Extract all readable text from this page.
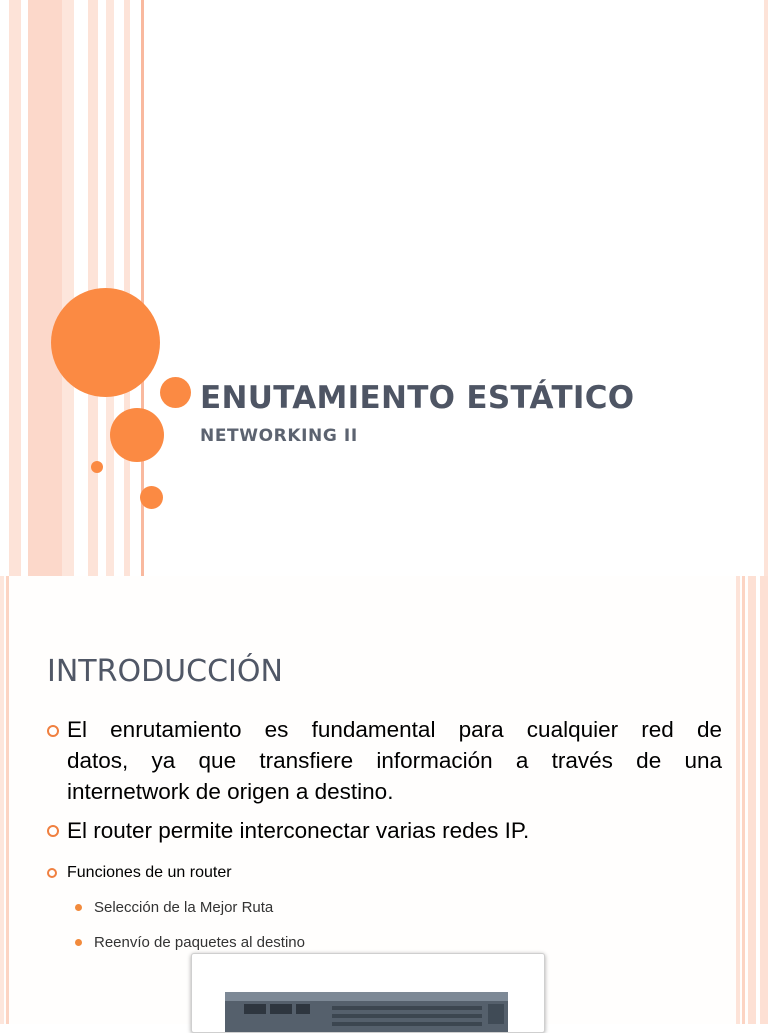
ENUTAMIENTO ESTÁTICO
NETWORKING II
INTRODUCCIÓN
El enrutamiento es fundamental para cualquier red de
datos, ya que transfiere información a través de una
internetwork de origen a destino.
El router permite interconectar varias redes IP.
Funciones de un router
Selección de la Mejor Ruta
Reenvío de paquetes al destino
